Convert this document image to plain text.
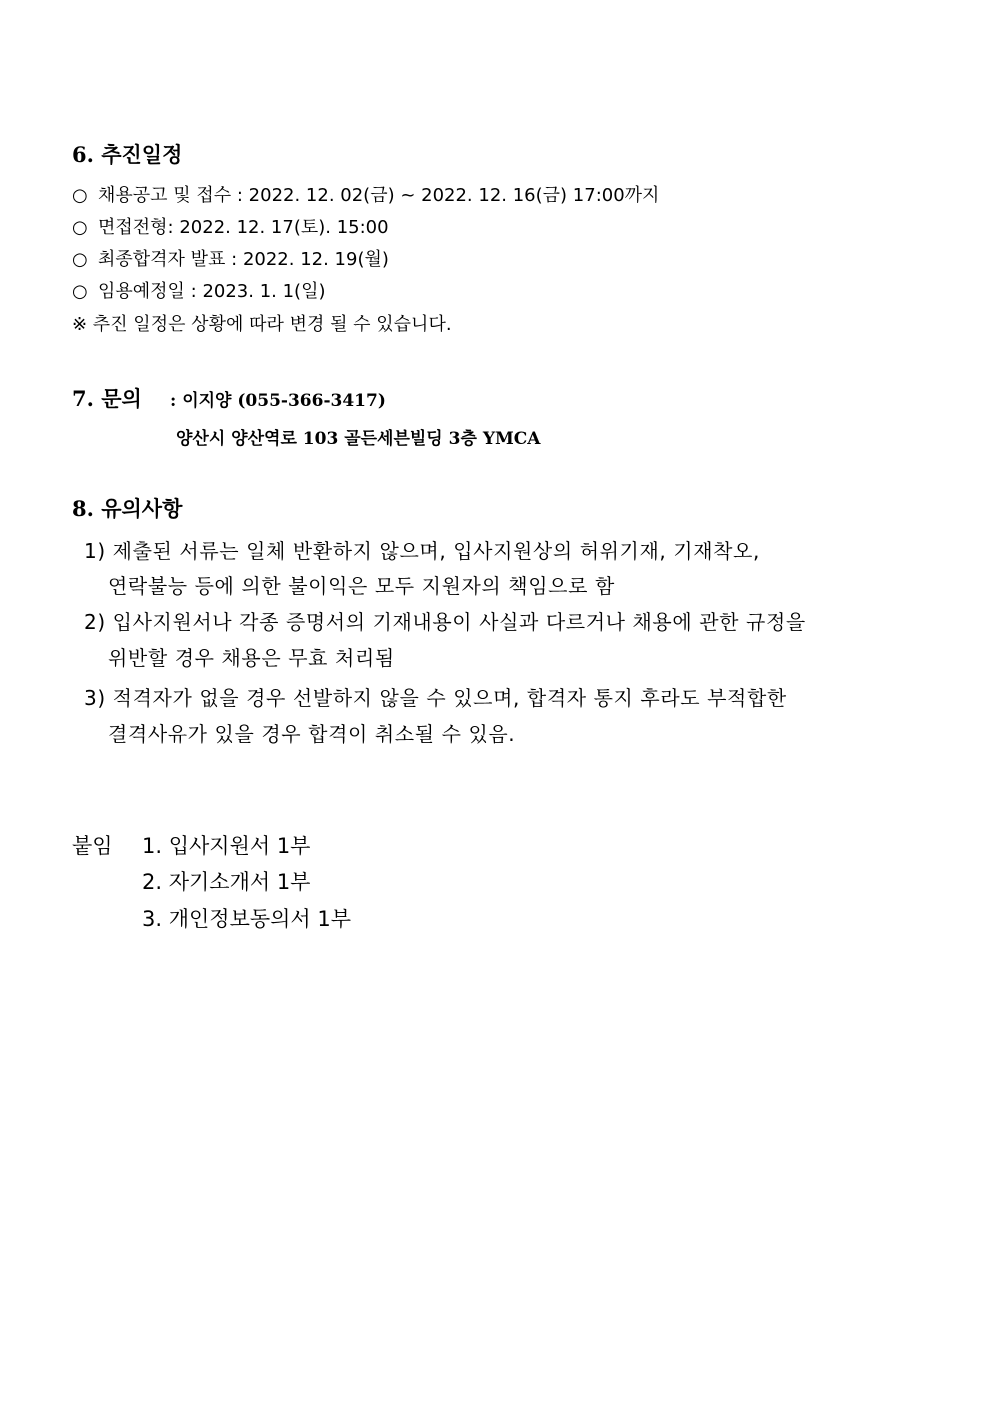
6. 추진일정
○ 채용공고 및 접수 : 2022. 12. 02(금) ~ 2022. 12. 16(금) 17:00까지
○ 면접전형: 2022. 12. 17(토). 15:00
○ 최종합격자 발표 : 2022. 12. 19(월)
○ 임용예정일 : 2023. 1. 1(일)
※ 추진 일정은 상황에 따라 변경 될 수 있습니다.
7. 문의 : 이지양 (055-366-3417)
양산시 양산역로 103 골든세븐빌딩 3층 YMCA
8. 유의사항
1) 제출된 서류는 일체 반환하지 않으며, 입사지원상의 허위기재, 기재착오,
연락불능 등에 의한 불이익은 모두 지원자의 책임으로 함
2) 입사지원서나 각종 증명서의 기재내용이 사실과 다르거나 채용에 관한 규정을
위반할 경우 채용은 무효 처리됨
3) 적격자가 없을 경우 선발하지 않을 수 있으며, 합격자 통지 후라도 부적합한
결격사유가 있을 경우 합격이 취소될 수 있음.
붙임 1. 입사지원서 1부
2. 자기소개서 1부
3. 개인정보동의서 1부
